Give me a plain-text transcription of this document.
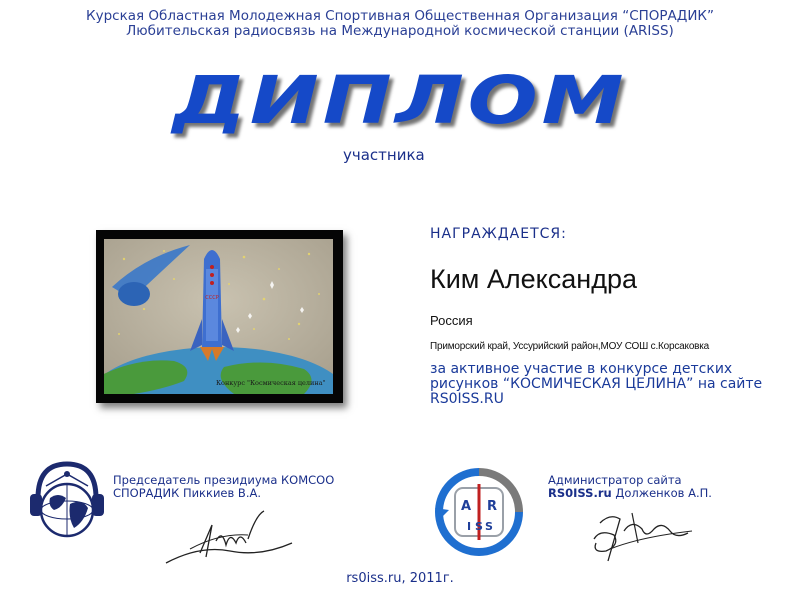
Курская Областная Молодежная Спортивная Общественная Организация “СПОРАДИК”
Любительская радиосвязь на Международной космической станции (ARISS)
ДИПЛОМ
участника
СССР
Конкурс "Космическая целина"
НАГРАЖДАЕТСЯ:
Ким Александра
Россия
Приморский край, Уссурийский район,МОУ СОШ с.Корсаковка
за активное участие в конкурсе детских рисунков “КОСМИЧЕСКАЯ ЦЕЛИНА” на сайте RS0ISS.RU
Председатель президиума КОМСОО
СПОРАДИК Пиккиев В.А.
A R
I S S
Администратор сайта
RS0ISS.ru Долженков А.П.
rs0iss.ru, 2011г.
